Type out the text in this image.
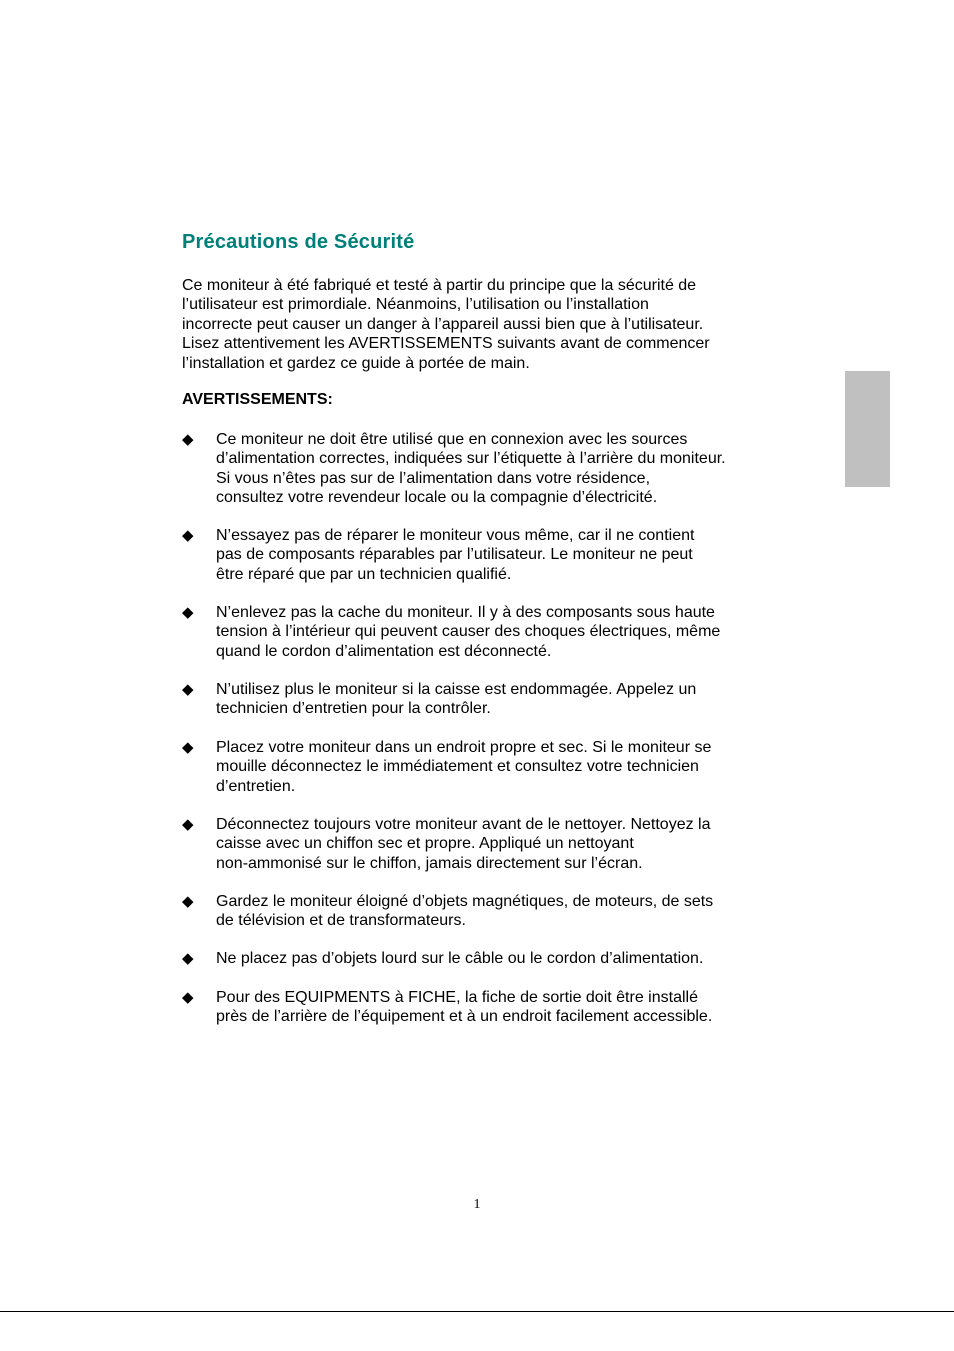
Précautions de Sécurité
Ce moniteur à été fabriqué et testé à partir du principe que la sécurité de
l’utilisateur est primordiale. Néanmoins, l’utilisation ou l’installation
incorrecte peut causer un danger à l’appareil aussi bien que à l’utilisateur.
Lisez attentivement les AVERTISSEMENTS suivants avant de commencer
l’installation et gardez ce guide à portée de main.
AVERTISSEMENTS:
◆ Ce moniteur ne doit être utilisé que en connexion avec les sources
d’alimentation correctes, indiquées sur l’étiquette à l’arrière du moniteur.
Si vous n’êtes pas sur de l’alimentation dans votre résidence,
consultez votre revendeur locale ou la compagnie d’électricité.
◆ N’essayez pas de réparer le moniteur vous même, car il ne contient
pas de composants réparables par l’utilisateur. Le moniteur ne peut
être réparé que par un technicien qualifié.
◆ N’enlevez pas la cache du moniteur. Il y à des composants sous haute
tension à l’intérieur qui peuvent causer des choques électriques, même
quand le cordon d’alimentation est déconnecté.
◆ N’utilisez plus le moniteur si la caisse est endommagée. Appelez un
technicien d’entretien pour la contrôler.
◆ Placez votre moniteur dans un endroit propre et sec. Si le moniteur se
mouille déconnectez le immédiatement et consultez votre technicien
d’entretien.
◆ Déconnectez toujours votre moniteur avant de le nettoyer. Nettoyez la
caisse avec un chiffon sec et propre. Appliqué un nettoyant
non-ammonisé sur le chiffon, jamais directement sur l’écran.
◆ Gardez le moniteur éloigné d’objets magnétiques, de moteurs, de sets
de télévision et de transformateurs.
◆ Ne placez pas d’objets lourd sur le câble ou le cordon d’alimentation.
◆ Pour des EQUIPMENTS à FICHE, la fiche de sortie doit être installé
près de l’arrière de l’équipement et à un endroit facilement accessible.
1
